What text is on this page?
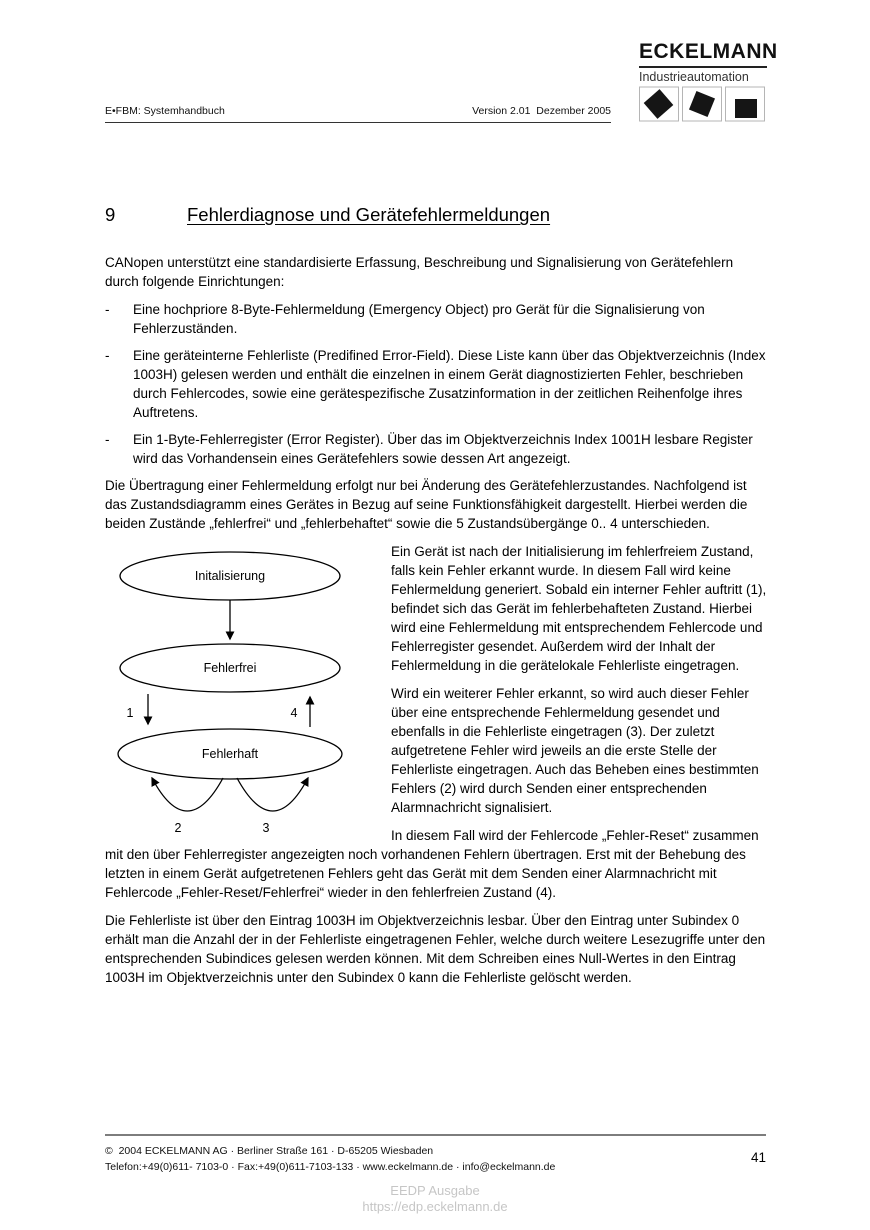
ECKELMANN
Industrieautomation
E•FBM: Systemhandbuch	Version 2.01  Dezember 2005
9	Fehlerdiagnose und Gerätefehlermeldungen

CANopen unterstützt eine standardisierte Erfassung, Beschreibung und Signalisierung von Gerätefehlern durch folgende Einrichtungen:

-	Eine hochpriore 8-Byte-Fehlermeldung (Emergency Object) pro Gerät für die Signalisierung von Fehlerzuständen.
-	Eine geräteinterne Fehlerliste (Predifined Error-Field). Diese Liste kann über das Objektverzeichnis (Index 1003H) gelesen werden und enthält die einzelnen in einem Gerät diagnostizierten Fehler, beschrieben durch Fehlercodes, sowie eine gerätespezifische Zusatzinformation in der zeitlichen Reihenfolge ihres Auftretens.
-	Ein 1-Byte-Fehlerregister (Error Register). Über das im Objektverzeichnis Index 1001H lesbare Register wird das Vorhandensein eines Gerätefehlers sowie dessen Art angezeigt.

Die Übertragung einer Fehlermeldung erfolgt nur bei Änderung des Gerätefehlerzustandes. Nachfolgend ist das Zustandsdiagramm eines Gerätes in Bezug auf seine Funktionsfähigkeit dargestellt. Hierbei werden die beiden Zustände „fehlerfrei“ und „fehlerbehaftet“ sowie die 5 Zustandsübergänge 0.. 4 unterschieden.

Initalisierung
Fehlerfrei
Fehlerhaft
1	4
2	3

Ein Gerät ist nach der Initialisierung im fehlerfreiem Zustand, falls kein Fehler erkannt wurde. In diesem Fall wird keine Fehlermeldung generiert. Sobald ein interner Fehler auftritt (1), befindet sich das Gerät im fehlerbehafteten Zustand. Hierbei wird eine Fehlermeldung mit entsprechendem Fehlercode und Fehlerregister gesendet. Außerdem wird der Inhalt der Fehlermeldung in die gerätelokale Fehlerliste eingetragen.

Wird ein weiterer Fehler erkannt, so wird auch dieser Fehler über eine entsprechende Fehlermeldung gesendet und ebenfalls in die Fehlerliste eingetragen (3). Der zuletzt aufgetretene Fehler wird jeweils an die erste Stelle der Fehlerliste eingetragen. Auch das Beheben eines bestimmten Fehlers (2) wird durch Senden einer entsprechenden Alarmnachricht signalisiert.

In diesem Fall wird der Fehlercode „Fehler-Reset“ zusammen mit den über Fehlerregister angezeigten noch vorhandenen Fehlern übertragen. Erst mit der Behebung des letzten in einem Gerät aufgetretenen Fehlers geht das Gerät mit dem Senden einer Alarmnachricht mit Fehlercode „Fehler-Reset/Fehlerfrei“ wieder in den fehlerfreien Zustand (4).

Die Fehlerliste ist über den Eintrag 1003H im Objektverzeichnis lesbar. Über den Eintrag unter Subindex 0 erhält man die Anzahl der in der Fehlerliste eingetragenen Fehler, welche durch weitere Lesezugriffe unter den entsprechenden Subindices gelesen werden können. Mit dem Schreiben eines Null-Wertes in den Eintrag 1003H im Objektverzeichnis unter den Subindex 0 kann die Fehlerliste gelöscht werden.

©  2004 ECKELMANN AG · Berliner Straße 161 · D-65205 Wiesbaden
Telefon:+49(0)611- 7103-0 · Fax:+49(0)611-7103-133 · www.eckelmann.de · info@eckelmann.de
41
EEDP Ausgabe
https://edp.eckelmann.de
